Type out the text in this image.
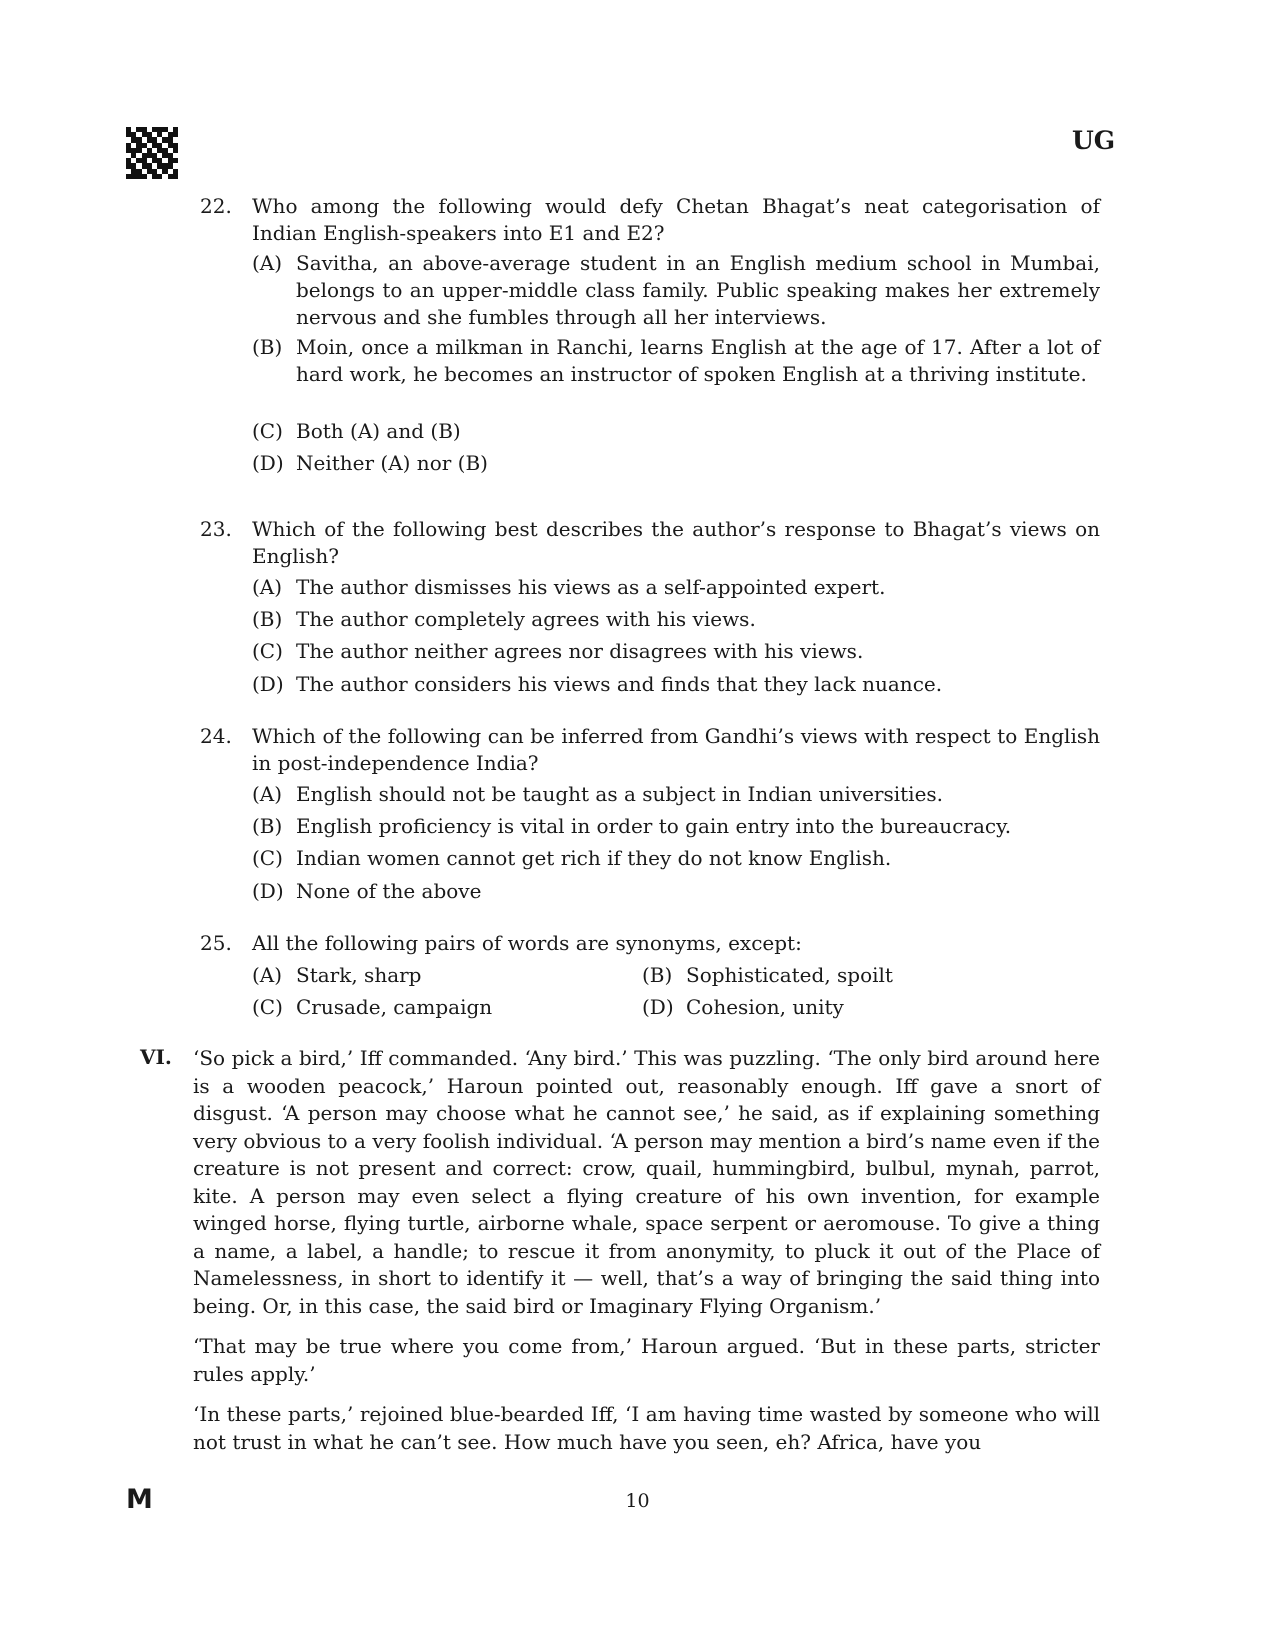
UG
22.	Who among the following would defy Chetan Bhagat’s neat categorisation of Indian English-speakers into E1 and E2?
(A) Savitha, an above-average student in an English medium school in Mumbai, belongs to an upper-middle class family. Public speaking makes her extremely nervous and she fumbles through all her interviews.
(B) Moin, once a milkman in Ranchi, learns English at the age of 17. After a lot of hard work, he becomes an instructor of spoken English at a thriving institute.
(C) Both (A) and (B)
(D) Neither (A) nor (B)
23.	Which of the following best describes the author’s response to Bhagat’s views on English?
(A) The author dismisses his views as a self-appointed expert.
(B) The author completely agrees with his views.
(C) The author neither agrees nor disagrees with his views.
(D) The author considers his views and finds that they lack nuance.
24.	Which of the following can be inferred from Gandhi’s views with respect to English in post-independence India?
(A) English should not be taught as a subject in Indian universities.
(B) English proficiency is vital in order to gain entry into the bureaucracy.
(C) Indian women cannot get rich if they do not know English.
(D) None of the above
25.	All the following pairs of words are synonyms, except:
(A) Stark, sharp	(B) Sophisticated, spoilt
(C) Crusade, campaign	(D) Cohesion, unity
VI. ‘So pick a bird,’ Iff commanded. ‘Any bird.’ This was puzzling. ‘The only bird around here is a wooden peacock,’ Haroun pointed out, reasonably enough. Iff gave a snort of disgust. ‘A person may choose what he cannot see,’ he said, as if explaining something very obvious to a very foolish individual. ‘A person may mention a bird’s name even if the creature is not present and correct: crow, quail, hummingbird, bulbul, mynah, parrot, kite. A person may even select a flying creature of his own invention, for example winged horse, flying turtle, airborne whale, space serpent or aeromouse. To give a thing a name, a label, a handle; to rescue it from anonymity, to pluck it out of the Place of Namelessness, in short to identify it — well, that’s a way of bringing the said thing into being. Or, in this case, the said bird or Imaginary Flying Organism.’
‘That may be true where you come from,’ Haroun argued. ‘But in these parts, stricter rules apply.’
‘In these parts,’ rejoined blue-bearded Iff, ‘I am having time wasted by someone who will not trust in what he can’t see. How much have you seen, eh? Africa, have you
M	10
